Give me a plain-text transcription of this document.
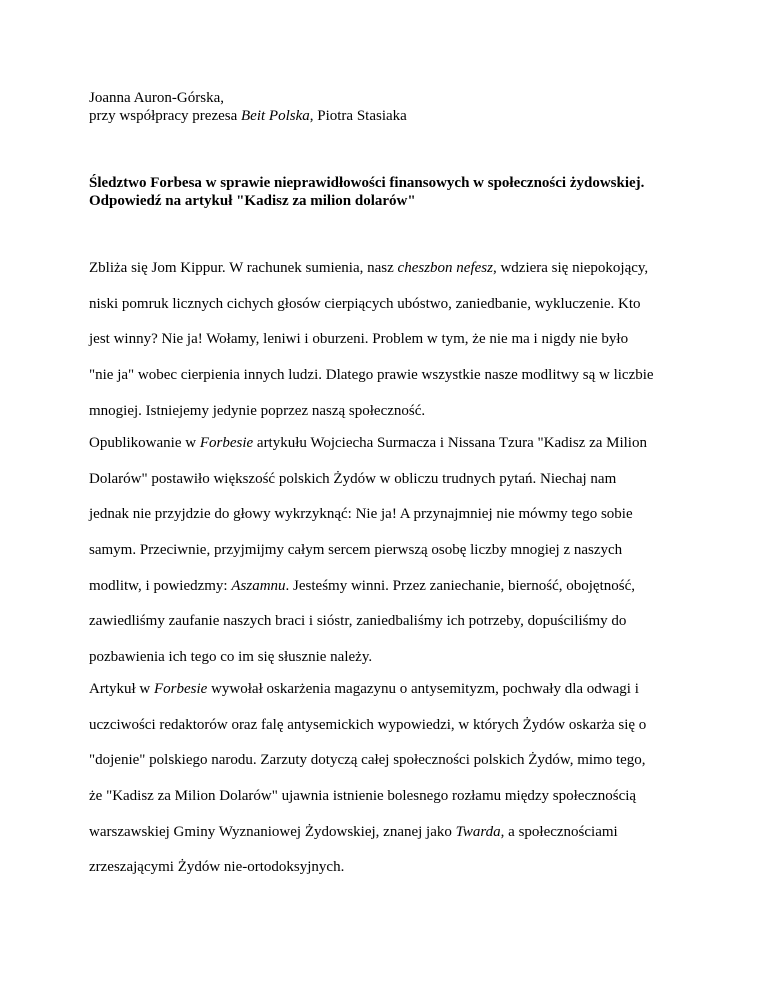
Joanna Auron-Górska,
przy współpracy prezesa Beit Polska, Piotra Stasiaka
Śledztwo Forbesa w sprawie nieprawidłowości finansowych w społeczności żydowskiej.
Odpowiedź na artykuł "Kadisz za milion dolarów"
Zbliża się Jom Kippur. W rachunek sumienia, nasz cheszbon nefesz, wdziera się niepokojący,
niski pomruk licznych cichych głosów cierpiących ubóstwo, zaniedbanie, wykluczenie. Kto
jest winny? Nie ja! Wołamy, leniwi i oburzeni. Problem w tym, że nie ma i nigdy nie było
"nie ja" wobec cierpienia innych ludzi. Dlatego prawie wszystkie nasze modlitwy są w liczbie
mnogiej. Istniejemy jedynie poprzez naszą społeczność.
Opublikowanie w Forbesie artykułu Wojciecha Surmacza i Nissana Tzura "Kadisz za Milion
Dolarów" postawiło większość polskich Żydów w obliczu trudnych pytań. Niechaj nam
jednak nie przyjdzie do głowy wykrzyknąć: Nie ja! A przynajmniej nie mówmy tego sobie
samym. Przeciwnie, przyjmijmy całym sercem pierwszą osobę liczby mnogiej z naszych
modlitw, i powiedzmy: Aszamnu. Jesteśmy winni. Przez zaniechanie, bierność, obojętność,
zawiedliśmy zaufanie naszych braci i sióstr, zaniedbaliśmy ich potrzeby, dopuściliśmy do
pozbawienia ich tego co im się słusznie należy.
Artykuł w Forbesie wywołał oskarżenia magazynu o antysemityzm, pochwały dla odwagi i
uczciwości redaktorów oraz falę antysemickich wypowiedzi, w których Żydów oskarża się o
"dojenie" polskiego narodu. Zarzuty dotyczą całej społeczności polskich Żydów, mimo tego,
że "Kadisz za Milion Dolarów" ujawnia istnienie bolesnego rozłamu między społecznością
warszawskiej Gminy Wyznaniowej Żydowskiej, znanej jako Twarda, a społecznościami
zrzeszającymi Żydów nie-ortodoksyjnych.
